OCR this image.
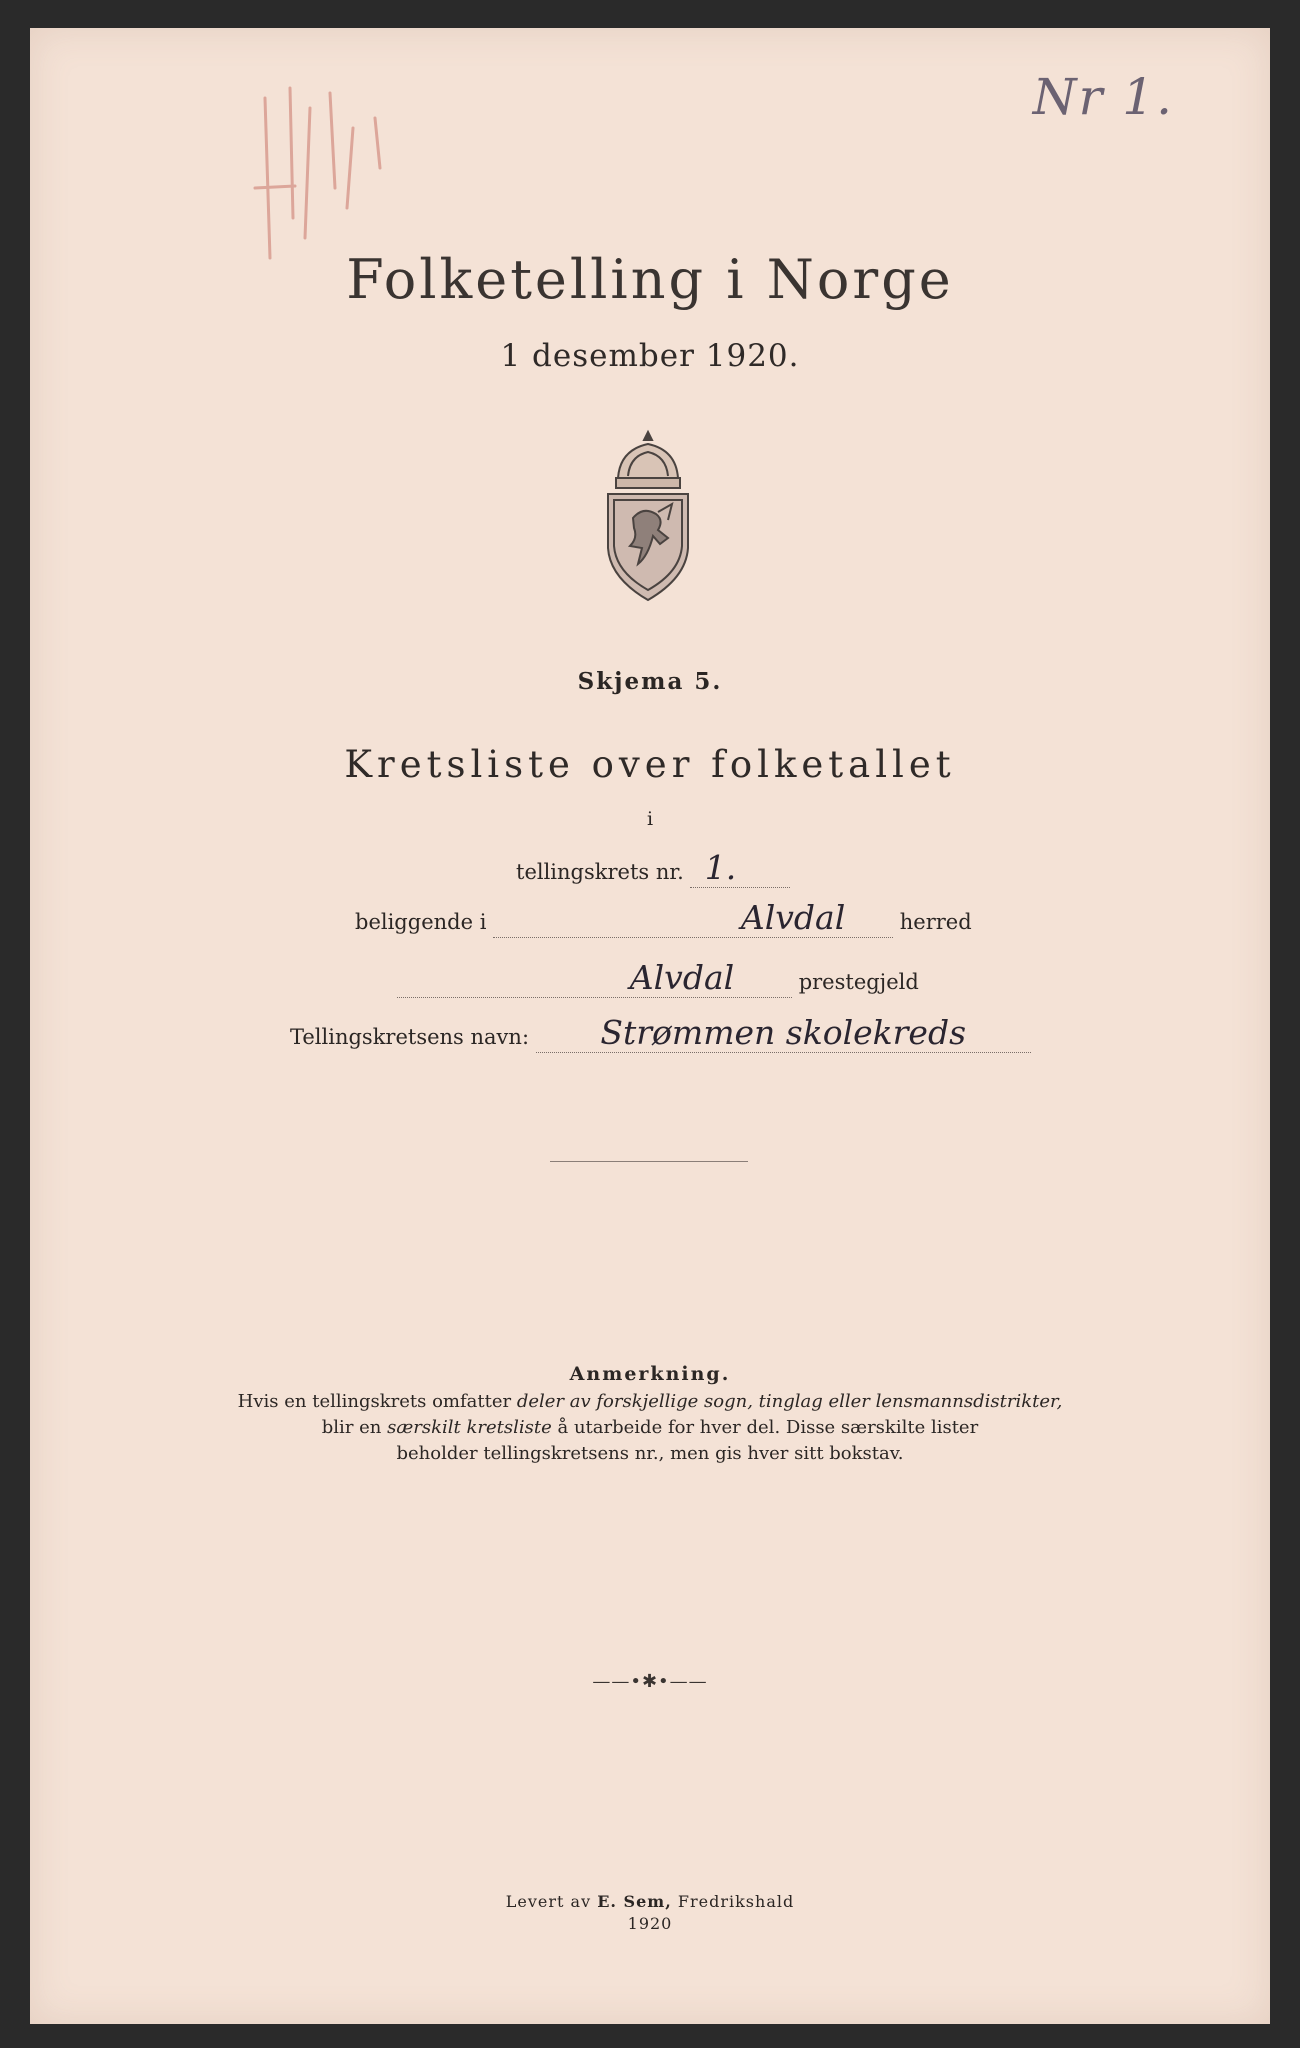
Nr 1.
Folketelling i Norge
1 desember 1920.
Skjema 5.
Kretsliste over folketallet
i
tellingskrets nr. 1.
beliggende i	Alvdal	herred
Alvdal	prestegjeld
Tellingskretsens navn: Strømmen skolekreds
Anmerkning.
Hvis en tellingskrets omfatter deler av forskjellige sogn, tinglag eller lensmannsdistrikter,
blir en særskilt kretsliste å utarbeide for hver del. Disse særskilte lister
beholder tellingskretsens nr., men gis hver sitt bokstav.
——•✱•——
Levert av E. Sem, Fredrikshald
1920
